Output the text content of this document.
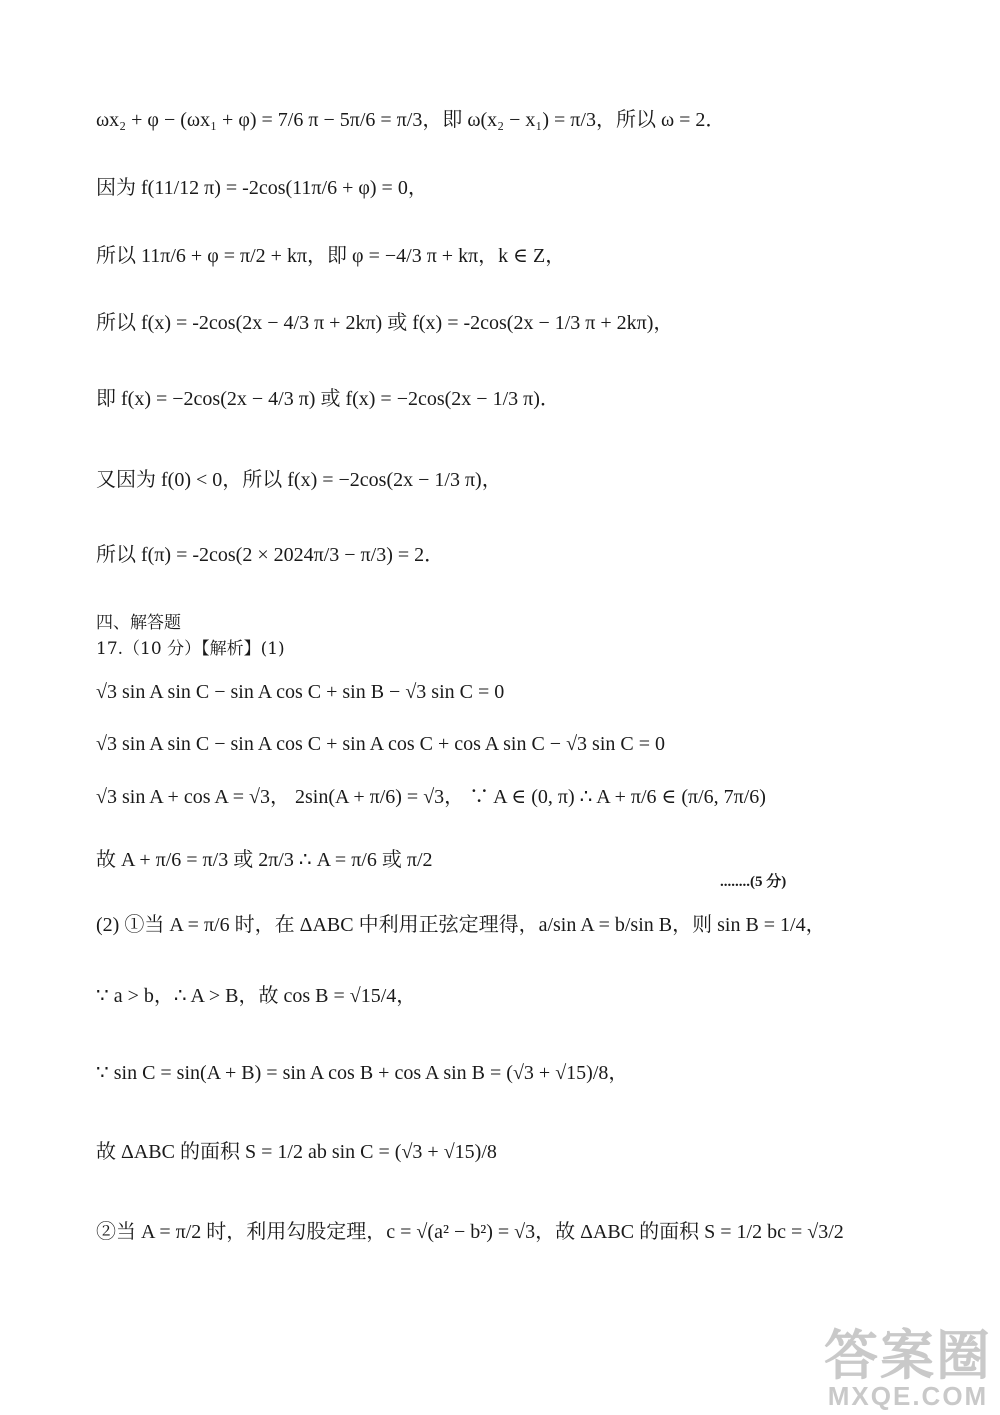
ωx₂ + φ − (ωx₁ + φ) = 7/6 π − 5π/6 = π/3，即 ω(x₂ − x₁) = π/3，所以 ω = 2．
因为 f(11/12 π) = -2cos(11π/6 + φ) = 0，
所以 11π/6 + φ = π/2 + kπ，即 φ = −4/3 π + kπ，k ∈ Z，
所以 f(x) = -2cos(2x − 4/3 π + 2kπ) 或 f(x) = -2cos(2x − 1/3 π + 2kπ)，
即 f(x) = −2cos(2x − 4/3 π) 或 f(x) = −2cos(2x − 1/3 π)．
又因为 f(0) < 0，所以 f(x) = −2cos(2x − 1/3 π)，
所以 f(π) = -2cos(2 × 2024π/3 − π/3) = 2．
四、解答题
17.（10 分）【解析】(1)
√3 sin A sin C − sin A cos C + sin B − √3 sin C = 0
√3 sin A sin C − sin A cos C + sin A cos C + cos A sin C − √3 sin C = 0
√3 sin A + cos A = √3， 2sin(A + π/6) = √3， ∵ A ∈ (0, π) ∴ A + π/6 ∈ (π/6, 7π/6)
故 A + π/6 = π/3 或 2π/3 ∴ A = π/6 或 π/2
........(5 分)
(2) ①当 A = π/6 时，在 ΔABC 中利用正弦定理得，a/sin A = b/sin B，则 sin B = 1/4，
∵ a > b，∴ A > B，故 cos B = √15/4，
∵ sin C = sin(A + B) = sin A cos B + cos A sin B = (√3 + √15)/8，
故 ΔABC 的面积 S = 1/2 ab sin C = (√3 + √15)/8
②当 A = π/2 时，利用勾股定理，c = √(a² − b²) = √3，故 ΔABC 的面积 S = 1/2 bc = √3/2
答案圈
MXQE.COM
